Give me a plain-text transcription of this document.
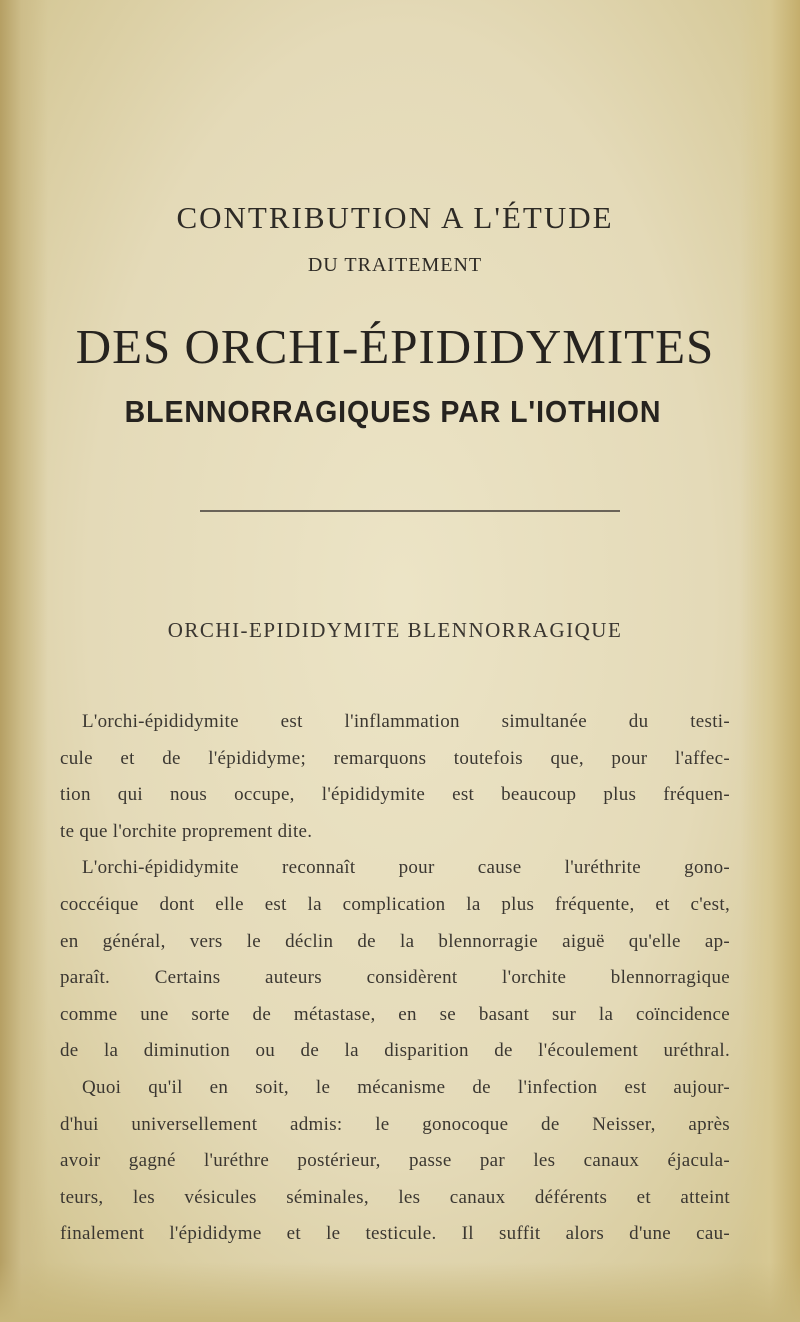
CONTRIBUTION A L'ÉTUDE
DU TRAITEMENT
DES ORCHI-ÉPIDIDYMITES
BLENNORRAGIQUES PAR L'IOTHION
ORCHI-EPIDIDYMITE BLENNORRAGIQUE
L'orchi-épididymite est l'inflammation simultanée du testi-
cule et de l'épididyme; remarquons toutefois que, pour l'affec-
tion qui nous occupe, l'épididymite est beaucoup plus fréquen-
te que l'orchite proprement dite.
L'orchi-épididymite reconnaît pour cause l'uréthrite gono-
coccéique dont elle est la complication la plus fréquente, et c'est,
en général, vers le déclin de la blennorragie aiguë qu'elle ap-
paraît. Certains auteurs considèrent l'orchite blennorragique
comme une sorte de métastase, en se basant sur la coïncidence
de la diminution ou de la disparition de l'écoulement uréthral.
Quoi qu'il en soit, le mécanisme de l'infection est aujour-
d'hui universellement admis: le gonocoque de Neisser, après
avoir gagné l'uréthre postérieur, passe par les canaux éjacula-
teurs, les vésicules séminales, les canaux déférents et atteint
finalement l'épididyme et le testicule. Il suffit alors d'une cau-
